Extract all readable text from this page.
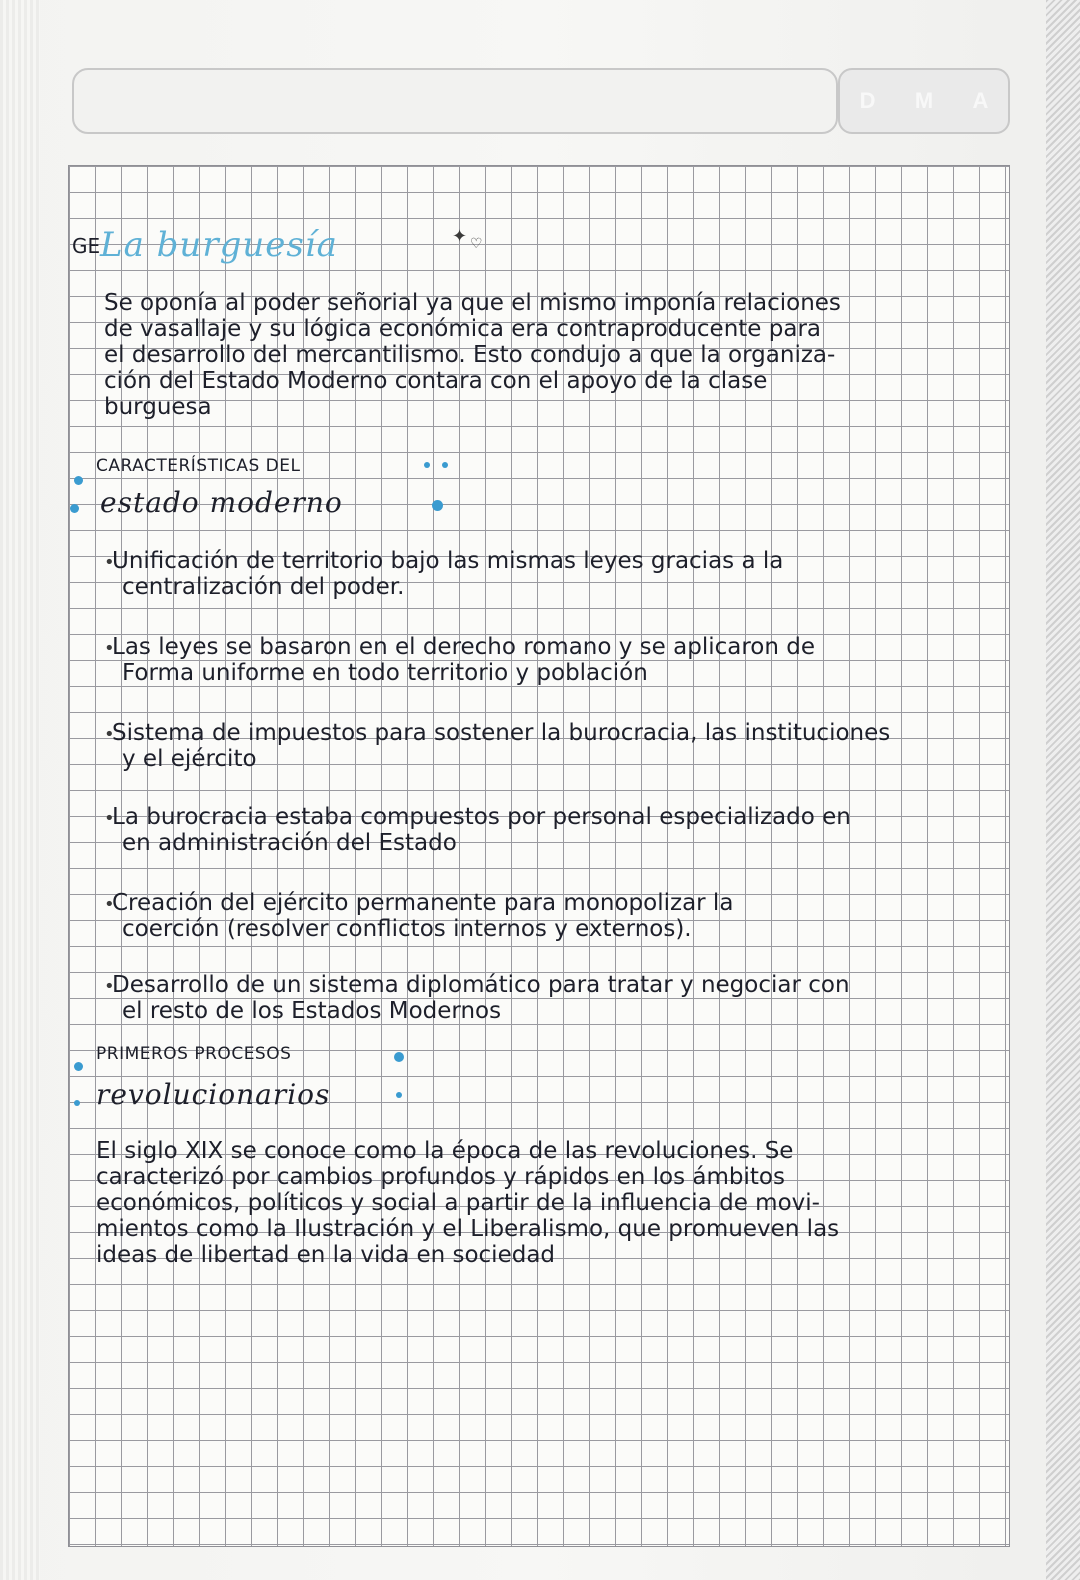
D M A
GE La burguesía	✦ ♡
Se oponía al poder señorial ya que el mismo imponía relaciones
de vasallaje y su lógica económica era contraproducente para
el desarrollo del mercantilismo. Esto condujo a que la organiza-
ción del Estado Moderno contara con el apoyo de la clase
burguesa
CARACTERÍSTICAS DEL
estado moderno
Unificación de territorio bajo las mismas leyes gracias a la
centralización del poder.
Las leyes se basaron en el derecho romano y se aplicaron de
Forma uniforme en todo territorio y población
Sistema de impuestos para sostener la burocracia, las instituciones
y el ejército
La burocracia estaba compuestos por personal especializado en
en administración del Estado
Creación del ejército permanente para monopolizar la
coerción (resolver conflictos internos y externos).
Desarrollo de un sistema diplomático para tratar y negociar con
el resto de los Estados Modernos
•
•
•
•
•
•
PRIMEROS PROCESOS
revolucionarios
El siglo XIX se conoce como la época de las revoluciones. Se
caracterizó por cambios profundos y rápidos en los ámbitos
económicos, políticos y social a partir de la influencia de movi-
mientos como la Ilustración y el Liberalismo, que promueven las
ideas de libertad en la vida en sociedad
